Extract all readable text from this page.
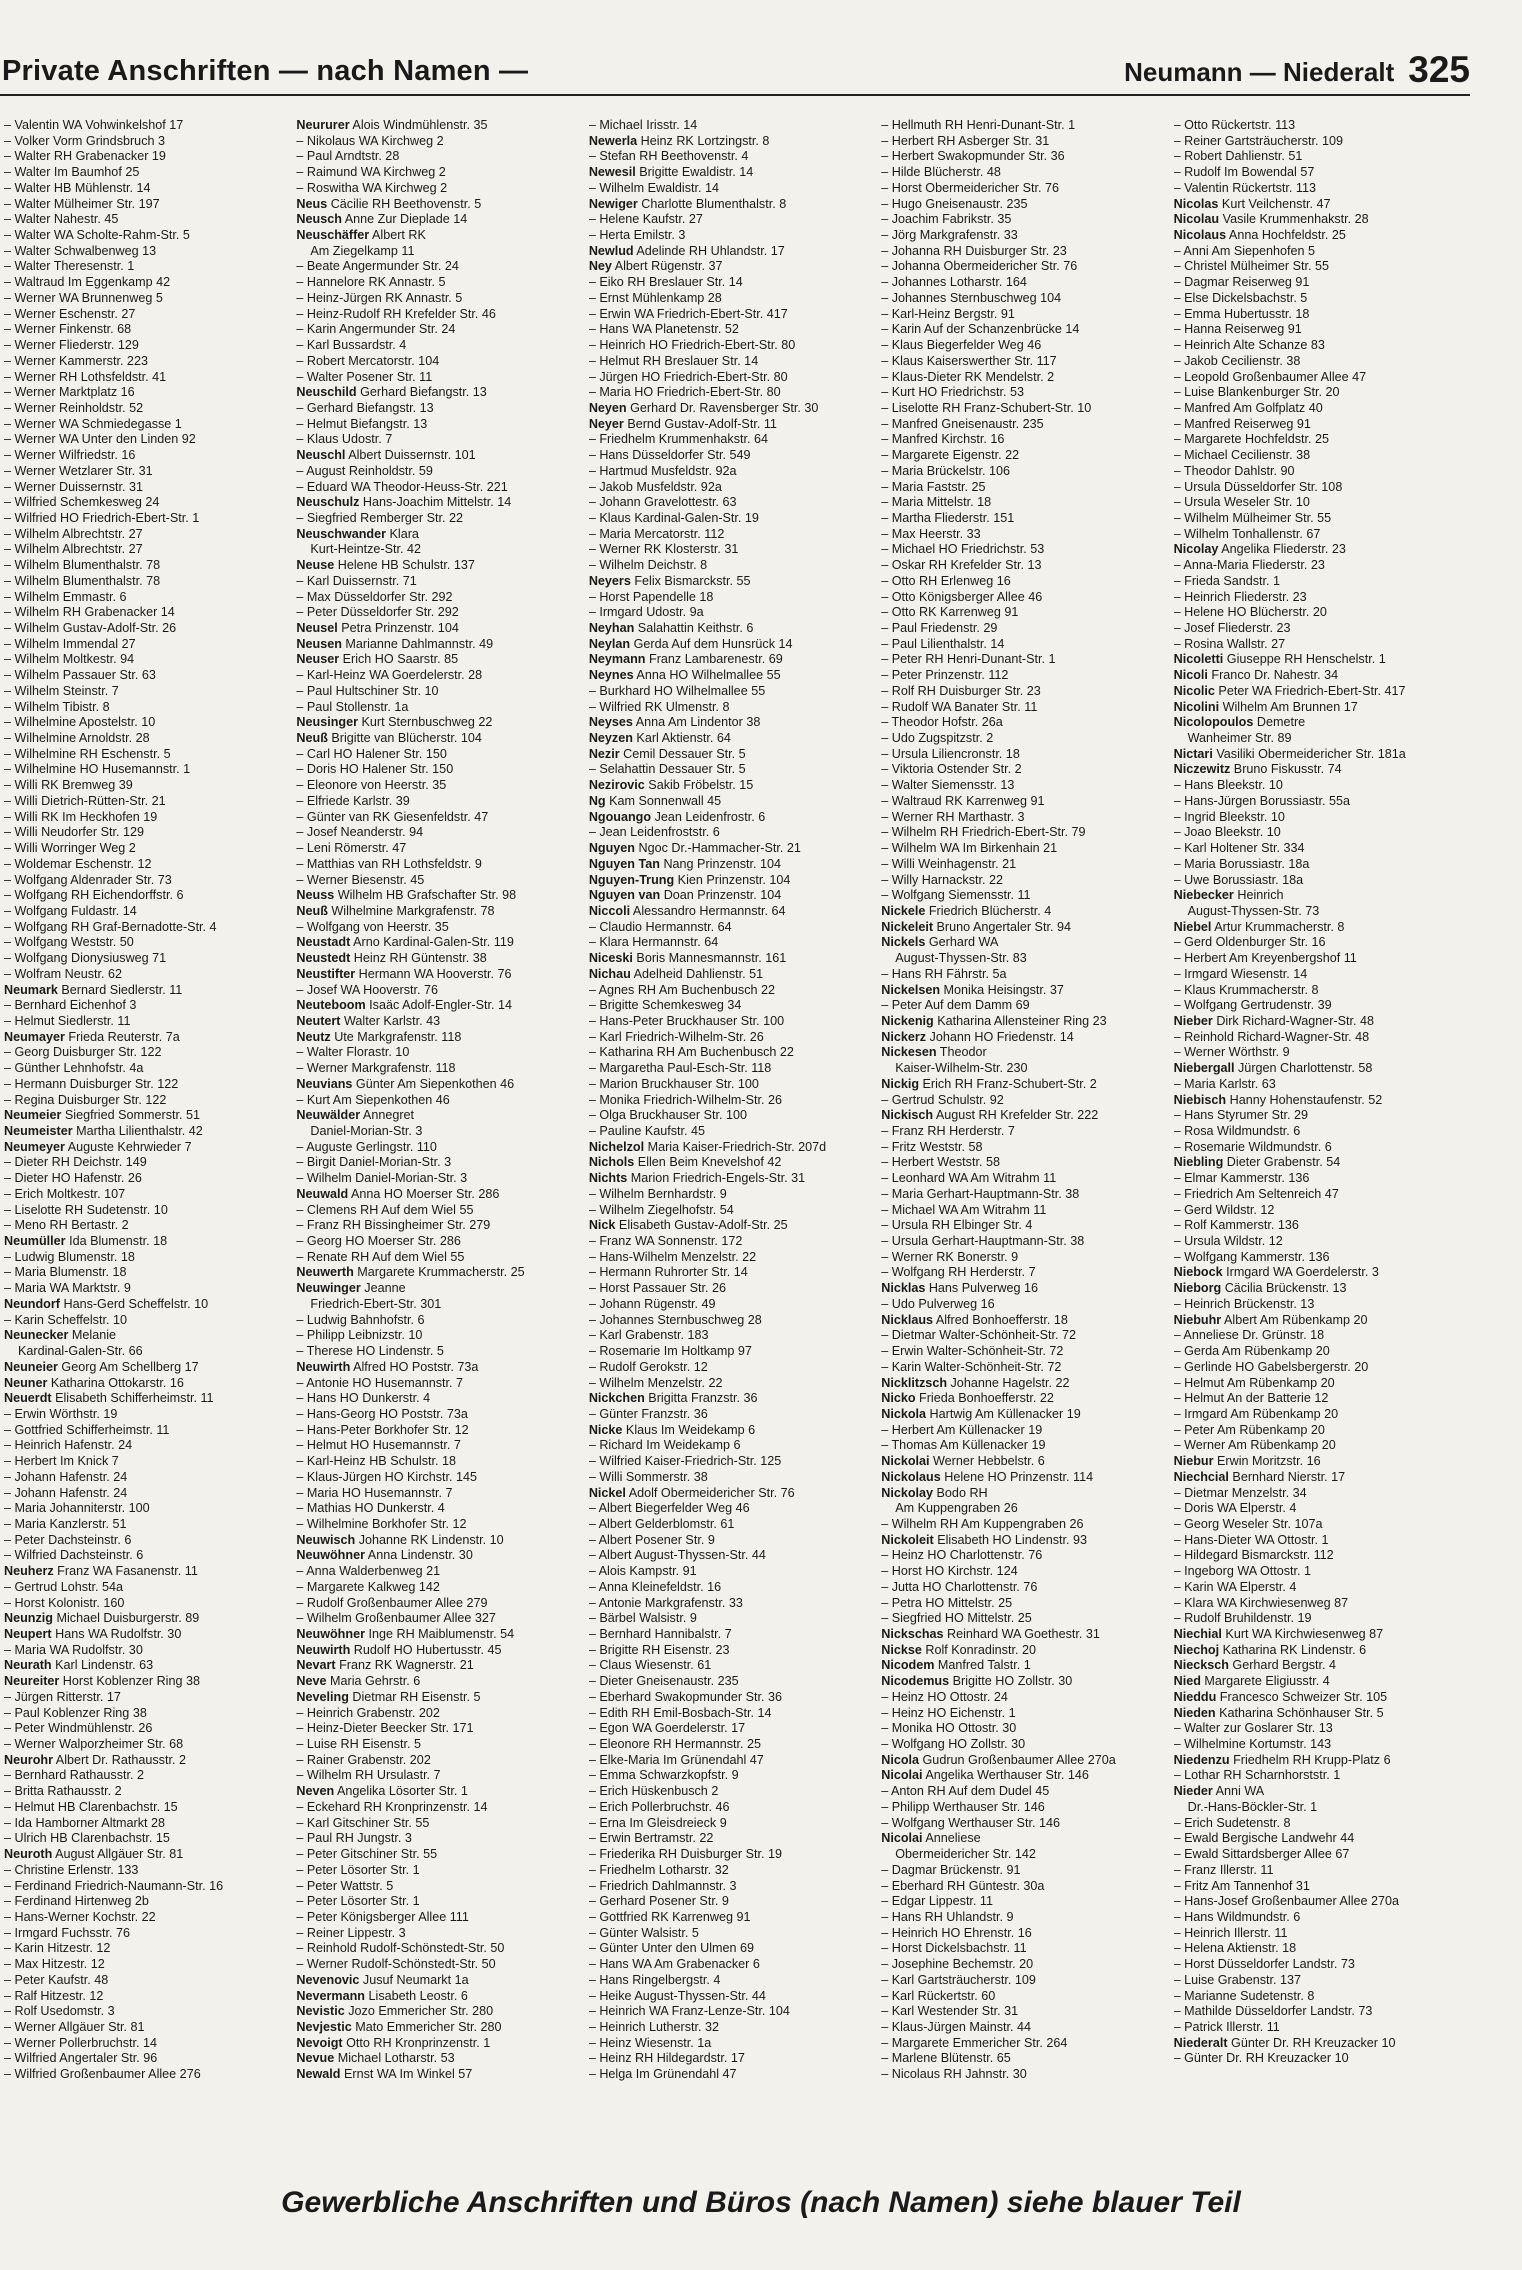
Private Anschriften — nach Namen —	Neumann — Niederalt 325
– Valentin WA Vohwinkelshof 17
– Volker Vorm Grindsbruch 3
– Walter RH Grabenacker 19
– Walter Im Baumhof 25
– Walter HB Mühlenstr. 14
– Walter Mülheimer Str. 197
– Walter Nahestr. 45
– Walter WA Scholte-Rahm-Str. 5
– Walter Schwalbenweg 13
– Walter Theresenstr. 1
– Waltraud Im Eggenkamp 42
– Werner WA Brunnenweg 5
– Werner Eschenstr. 27
– Werner Finkenstr. 68
– Werner Fliederstr. 129
– Werner Kammerstr. 223
– Werner RH Lothsfeldstr. 41
– Werner Marktplatz 16
– Werner Reinholdstr. 52
– Werner WA Schmiedegasse 1
– Werner WA Unter den Linden 92
– Werner Wilfriedstr. 16
– Werner Wetzlarer Str. 31
– Werner Duissernstr. 31
– Wilfried Schemkesweg 24
– Wilfried HO Friedrich-Ebert-Str. 1
– Wilhelm Albrechtstr. 27
– Wilhelm Albrechtstr. 27
– Wilhelm Blumenthalstr. 78
– Wilhelm Blumenthalstr. 78
– Wilhelm Emmastr. 6
– Wilhelm RH Grabenacker 14
– Wilhelm Gustav-Adolf-Str. 26
– Wilhelm Immendal 27
– Wilhelm Moltkestr. 94
– Wilhelm Passauer Str. 63
– Wilhelm Steinstr. 7
– Wilhelm Tibistr. 8
– Wilhelmine Apostelstr. 10
– Wilhelmine Arnoldstr. 28
– Wilhelmine RH Eschenstr. 5
– Wilhelmine HO Husemannstr. 1
– Willi RK Bremweg 39
– Willi Dietrich-Rütten-Str. 21
– Willi RK Im Heckhofen 19
– Willi Neudorfer Str. 129
– Willi Worringer Weg 2
– Woldemar Eschenstr. 12
– Wolfgang Aldenrader Str. 73
– Wolfgang RH Eichendorffstr. 6
– Wolfgang Fuldastr. 14
– Wolfgang RH Graf-Bernadotte-Str. 4
– Wolfgang Weststr. 50
– Wolfgang Dionysiusweg 71
– Wolfram Neustr. 62
Neumark Bernard Siedlerstr. 11
– Bernhard Eichenhof 3
– Helmut Siedlerstr. 11
Neumayer Frieda Reuterstr. 7a
– Georg Duisburger Str. 122
– Günther Lehnhofstr. 4a
– Hermann Duisburger Str. 122
– Regina Duisburger Str. 122
Neumeier Siegfried Sommerstr. 51
Neumeister Martha Lilienthalstr. 42
Neumeyer Auguste Kehrwieder 7
– Dieter RH Deichstr. 149
– Dieter HO Hafenstr. 26
– Erich Moltkestr. 107
– Liselotte RH Sudetenstr. 10
– Meno RH Bertastr. 2
Neumüller Ida Blumenstr. 18
– Ludwig Blumenstr. 18
– Maria Blumenstr. 18
– Maria WA Marktstr. 9
Neundorf Hans-Gerd Scheffelstr. 10
– Karin Scheffelstr. 10
Neunecker Melanie
Kardinal-Galen-Str. 66
Neuneier Georg Am Schellberg 17
Neuner Katharina Ottokarstr. 16
Neuerdt Elisabeth Schifferheimstr. 11
– Erwin Wörthstr. 19
– Gottfried Schifferheimstr. 11
– Heinrich Hafenstr. 24
– Herbert Im Knick 7
– Johann Hafenstr. 24
– Johann Hafenstr. 24
– Maria Johanniterstr. 100
– Maria Kanzlerstr. 51
– Peter Dachsteinstr. 6
– Wilfried Dachsteinstr. 6
Neuherz Franz WA Fasanenstr. 11
– Gertrud Lohstr. 54a
– Horst Kolonistr. 160
Neunzig Michael Duisburgerstr. 89
Neupert Hans WA Rudolfstr. 30
– Maria WA Rudolfstr. 30
Neurath Karl Lindenstr. 63
Neureiter Horst Koblenzer Ring 38
– Jürgen Ritterstr. 17
– Paul Koblenzer Ring 38
– Peter Windmühlenstr. 26
– Werner Walporzheimer Str. 68
Neurohr Albert Dr. Rathausstr. 2
– Bernhard Rathausstr. 2
– Britta Rathausstr. 2
– Helmut HB Clarenbachstr. 15
– Ida Hamborner Altmarkt 28
– Ulrich HB Clarenbachstr. 15
Neuroth August Allgäuer Str. 81
– Christine Erlenstr. 133
– Ferdinand Friedrich-Naumann-Str. 16
– Ferdinand Hirtenweg 2b
– Hans-Werner Kochstr. 22
– Irmgard Fuchsstr. 76
– Karin Hitzestr. 12
– Max Hitzestr. 12
– Peter Kaufstr. 48
– Ralf Hitzestr. 12
– Rolf Usedomstr. 3
– Werner Allgäuer Str. 81
– Werner Pollerbruchstr. 14
– Wilfried Angertaler Str. 96
– Wilfried Großenbaumer Allee 276
Neururer Alois Windmühlenstr. 35
– Nikolaus WA Kirchweg 2
– Paul Arndtstr. 28
– Raimund WA Kirchweg 2
– Roswitha WA Kirchweg 2
Neus Cäcilie RH Beethovenstr. 5
Neusch Anne Zur Dieplade 14
Neuschäffer Albert RK
Am Ziegelkamp 11
– Beate Angermunder Str. 24
– Hannelore RK Annastr. 5
– Heinz-Jürgen RK Annastr. 5
– Heinz-Rudolf RH Krefelder Str. 46
– Karin Angermunder Str. 24
– Karl Bussardstr. 4
– Robert Mercatorstr. 104
– Walter Posener Str. 11
Neuschild Gerhard Biefangstr. 13
– Gerhard Biefangstr. 13
– Helmut Biefangstr. 13
– Klaus Udostr. 7
Neuschl Albert Duissernstr. 101
– August Reinholdstr. 59
– Eduard WA Theodor-Heuss-Str. 221
Neuschulz Hans-Joachim Mittelstr. 14
– Siegfried Remberger Str. 22
Neuschwander Klara
Kurt-Heintze-Str. 42
Neuse Helene HB Schulstr. 137
– Karl Duissernstr. 71
– Max Düsseldorfer Str. 292
– Peter Düsseldorfer Str. 292
Neusel Petra Prinzenstr. 104
Neusen Marianne Dahlmannstr. 49
Neuser Erich HO Saarstr. 85
– Karl-Heinz WA Goerdelerstr. 28
– Paul Hultschiner Str. 10
– Paul Stollenstr. 1a
Neusinger Kurt Sternbuschweg 22
Neuß Brigitte van Blücherstr. 104
– Carl HO Halener Str. 150
– Doris HO Halener Str. 150
– Eleonore von Heerstr. 35
– Elfriede Karlstr. 39
– Günter van RK Giesenfeldstr. 47
– Josef Neanderstr. 94
– Leni Römerstr. 47
– Matthias van RH Lothsfeldstr. 9
– Werner Biesenstr. 45
Neuss Wilhelm HB Grafschafter Str. 98
Neuß Wilhelmine Markgrafenstr. 78
– Wolfgang von Heerstr. 35
Neustadt Arno Kardinal-Galen-Str. 119
Neustedt Heinz RH Güntenstr. 38
Neustifter Hermann WA Hooverstr. 76
– Josef WA Hooverstr. 76
Neuteboom Isaäc Adolf-Engler-Str. 14
Neutert Walter Karlstr. 43
Neutz Ute Markgrafenstr. 118
– Walter Florastr. 10
– Werner Markgrafenstr. 118
Neuvians Günter Am Siepenkothen 46
– Kurt Am Siepenkothen 46
Neuwälder Annegret
Daniel-Morian-Str. 3
– Auguste Gerlingstr. 110
– Birgit Daniel-Morian-Str. 3
– Wilhelm Daniel-Morian-Str. 3
Neuwald Anna HO Moerser Str. 286
– Clemens RH Auf dem Wiel 55
– Franz RH Bissingheimer Str. 279
– Georg HO Moerser Str. 286
– Renate RH Auf dem Wiel 55
Neuwerth Margarete Krummacherstr. 25
Neuwinger Jeanne
Friedrich-Ebert-Str. 301
– Ludwig Bahnhofstr. 6
– Philipp Leibnizstr. 10
– Therese HO Lindenstr. 5
Neuwirth Alfred HO Poststr. 73a
– Antonie HO Husemannstr. 7
– Hans HO Dunkerstr. 4
– Hans-Georg HO Poststr. 73a
– Hans-Peter Borkhofer Str. 12
– Helmut HO Husemannstr. 7
– Karl-Heinz HB Schulstr. 18
– Klaus-Jürgen HO Kirchstr. 145
– Maria HO Husemannstr. 7
– Mathias HO Dunkerstr. 4
– Wilhelmine Borkhofer Str. 12
Neuwisch Johanne RK Lindenstr. 10
Neuwöhner Anna Lindenstr. 30
– Anna Walderbenweg 21
– Margarete Kalkweg 142
– Rudolf Großenbaumer Allee 279
– Wilhelm Großenbaumer Allee 327
Neuwöhner Inge RH Maiblumenstr. 54
Neuwirth Rudolf HO Hubertusstr. 45
Nevart Franz RK Wagnerstr. 21
Neve Maria Gehrstr. 6
Neveling Dietmar RH Eisenstr. 5
– Heinrich Grabenstr. 202
– Heinz-Dieter Beecker Str. 171
– Luise RH Eisenstr. 5
– Rainer Grabenstr. 202
– Wilhelm RH Ursulastr. 7
Neven Angelika Lösorter Str. 1
– Eckehard RH Kronprinzenstr. 14
– Karl Gitschiner Str. 55
– Paul RH Jungstr. 3
– Peter Gitschiner Str. 55
– Peter Lösorter Str. 1
– Peter Wattstr. 5
– Peter Lösorter Str. 1
– Peter Königsberger Allee 111
– Reiner Lippestr. 3
– Reinhold Rudolf-Schönstedt-Str. 50
– Werner Rudolf-Schönstedt-Str. 50
Nevenovic Jusuf Neumarkt 1a
Nevermann Lisabeth Leostr. 6
Nevistic Jozo Emmericher Str. 280
Nevjestic Mato Emmericher Str. 280
Nevoigt Otto RH Kronprinzenstr. 1
Nevue Michael Lotharstr. 53
Newald Ernst WA Im Winkel 57
– Michael Irisstr. 14
Newerla Heinz RK Lortzingstr. 8
– Stefan RH Beethovenstr. 4
Newesil Brigitte Ewaldistr. 14
– Wilhelm Ewaldistr. 14
Newiger Charlotte Blumenthalstr. 8
– Helene Kaufstr. 27
– Herta Emilstr. 3
Newlud Adelinde RH Uhlandstr. 17
Ney Albert Rügenstr. 37
– Eiko RH Breslauer Str. 14
– Ernst Mühlenkamp 28
– Erwin WA Friedrich-Ebert-Str. 417
– Hans WA Planetenstr. 52
– Heinrich HO Friedrich-Ebert-Str. 80
– Helmut RH Breslauer Str. 14
– Jürgen HO Friedrich-Ebert-Str. 80
– Maria HO Friedrich-Ebert-Str. 80
Neyen Gerhard Dr. Ravensberger Str. 30
Neyer Bernd Gustav-Adolf-Str. 11
– Friedhelm Krummenhakstr. 64
– Hans Düsseldorfer Str. 549
– Hartmud Musfeldstr. 92a
– Jakob Musfeldstr. 92a
– Johann Gravelottestr. 63
– Klaus Kardinal-Galen-Str. 19
– Maria Mercatorstr. 112
– Werner RK Klosterstr. 31
– Wilhelm Deichstr. 8
Neyers Felix Bismarckstr. 55
– Horst Papendelle 18
– Irmgard Udostr. 9a
Neyhan Salahattin Keithstr. 6
Neylan Gerda Auf dem Hunsrück 14
Neymann Franz Lambarenestr. 69
Neynes Anna HO Wilhelmallee 55
– Burkhard HO Wilhelmallee 55
– Wilfried RK Ulmenstr. 8
Neyses Anna Am Lindentor 38
Neyzen Karl Aktienstr. 64
Nezir Cemil Dessauer Str. 5
– Selahattin Dessauer Str. 5
Nezirovic Sakib Fröbelstr. 15
Ng Kam Sonnenwall 45
Ngouango Jean Leidenfrostr. 6
– Jean Leidenfroststr. 6
Nguyen Ngoc Dr.-Hammacher-Str. 21
Nguyen Tan Nang Prinzenstr. 104
Nguyen-Trung Kien Prinzenstr. 104
Nguyen van Doan Prinzenstr. 104
Niccoli Alessandro Hermannstr. 64
– Claudio Hermannstr. 64
– Klara Hermannstr. 64
Niceski Boris Mannesmannstr. 161
Nichau Adelheid Dahlienstr. 51
– Agnes RH Am Buchenbusch 22
– Brigitte Schemkesweg 34
– Hans-Peter Bruckhauser Str. 100
– Karl Friedrich-Wilhelm-Str. 26
– Katharina RH Am Buchenbusch 22
– Margaretha Paul-Esch-Str. 118
– Marion Bruckhauser Str. 100
– Monika Friedrich-Wilhelm-Str. 26
– Olga Bruckhauser Str. 100
– Pauline Kaufstr. 45
Nichelzol Maria Kaiser-Friedrich-Str. 207d
Nichols Ellen Beim Knevelshof 42
Nichts Marion Friedrich-Engels-Str. 31
– Wilhelm Bernhardstr. 9
– Wilhelm Ziegelhofstr. 54
Nick Elisabeth Gustav-Adolf-Str. 25
– Franz WA Sonnenstr. 172
– Hans-Wilhelm Menzelstr. 22
– Hermann Ruhrorter Str. 14
– Horst Passauer Str. 26
– Johann Rügenstr. 49
– Johannes Sternbuschweg 28
– Karl Grabenstr. 183
– Rosemarie Im Holtkamp 97
– Rudolf Gerokstr. 12
– Wilhelm Menzelstr. 22
Nickchen Brigitta Franzstr. 36
– Günter Franzstr. 36
Nicke Klaus Im Weidekamp 6
– Richard Im Weidekamp 6
– Wilfried Kaiser-Friedrich-Str. 125
– Willi Sommerstr. 38
Nickel Adolf Obermeidericher Str. 76
– Albert Biegerfelder Weg 46
– Albert Gelderblomstr. 61
– Albert Posener Str. 9
– Albert August-Thyssen-Str. 44
– Alois Kampstr. 91
– Anna Kleinefeldstr. 16
– Antonie Markgrafenstr. 33
– Bärbel Walsistr. 9
– Bernhard Hannibalstr. 7
– Brigitte RH Eisenstr. 23
– Claus Wiesenstr. 61
– Dieter Gneisenaustr. 235
– Eberhard Swakopmunder Str. 36
– Edith RH Emil-Bosbach-Str. 14
– Egon WA Goerdelerstr. 17
– Eleonore RH Hermannstr. 25
– Elke-Maria Im Grünendahl 47
– Emma Schwarzkopfstr. 9
– Erich Hüskenbusch 2
– Erich Pollerbruchstr. 46
– Erna Im Gleisdreieck 9
– Erwin Bertramstr. 22
– Friederika RH Duisburger Str. 19
– Friedhelm Lotharstr. 32
– Friedrich Dahlmannstr. 3
– Gerhard Posener Str. 9
– Gottfried RK Karrenweg 91
– Günter Walsistr. 5
– Günter Unter den Ulmen 69
– Hans WA Am Grabenacker 6
– Hans Ringelbergstr. 4
– Heike August-Thyssen-Str. 44
– Heinrich WA Franz-Lenze-Str. 104
– Heinrich Lutherstr. 32
– Heinz Wiesenstr. 1a
– Heinz RH Hildegardstr. 17
– Helga Im Grünendahl 47
– Hellmuth RH Henri-Dunant-Str. 1
– Herbert RH Asberger Str. 31
– Herbert Swakopmunder Str. 36
– Hilde Blücherstr. 48
– Horst Obermeidericher Str. 76
– Hugo Gneisenaustr. 235
– Joachim Fabrikstr. 35
– Jörg Markgrafenstr. 33
– Johanna RH Duisburger Str. 23
– Johanna Obermeidericher Str. 76
– Johannes Lotharstr. 164
– Johannes Sternbuschweg 104
– Karl-Heinz Bergstr. 91
– Karin Auf der Schanzenbrücke 14
– Klaus Biegerfelder Weg 46
– Klaus Kaiserswerther Str. 117
– Klaus-Dieter RK Mendelstr. 2
– Kurt HO Friedrichstr. 53
– Liselotte RH Franz-Schubert-Str. 10
– Manfred Gneisenaustr. 235
– Manfred Kirchstr. 16
– Margarete Eigenstr. 22
– Maria Brückelstr. 106
– Maria Faststr. 25
– Maria Mittelstr. 18
– Martha Fliederstr. 151
– Max Heerstr. 33
– Michael HO Friedrichstr. 53
– Oskar RH Krefelder Str. 13
– Otto RH Erlenweg 16
– Otto Königsberger Allee 46
– Otto RK Karrenweg 91
– Paul Friedenstr. 29
– Paul Lilienthalstr. 14
– Peter RH Henri-Dunant-Str. 1
– Peter Prinzenstr. 112
– Rolf RH Duisburger Str. 23
– Rudolf WA Banater Str. 11
– Theodor Hofstr. 26a
– Udo Zugspitzstr. 2
– Ursula Liliencronstr. 18
– Viktoria Ostender Str. 2
– Walter Siemensstr. 13
– Waltraud RK Karrenweg 91
– Werner RH Marthastr. 3
– Wilhelm RH Friedrich-Ebert-Str. 79
– Wilhelm WA Im Birkenhain 21
– Willi Weinhagenstr. 21
– Willy Harnackstr. 22
– Wolfgang Siemensstr. 11
Nickele Friedrich Blücherstr. 4
Nickeleit Bruno Angertaler Str. 94
Nickels Gerhard WA
August-Thyssen-Str. 83
– Hans RH Fährstr. 5a
Nickelsen Monika Heisingstr. 37
– Peter Auf dem Damm 69
Nickenig Katharina Allensteiner Ring 23
Nickerz Johann HO Friedenstr. 14
Nickesen Theodor
Kaiser-Wilhelm-Str. 230
Nickig Erich RH Franz-Schubert-Str. 2
– Gertrud Schulstr. 92
Nickisch August RH Krefelder Str. 222
– Franz RH Herderstr. 7
– Fritz Weststr. 58
– Herbert Weststr. 58
– Leonhard WA Am Witrahm 11
– Maria Gerhart-Hauptmann-Str. 38
– Michael WA Am Witrahm 11
– Ursula RH Elbinger Str. 4
– Ursula Gerhart-Hauptmann-Str. 38
– Werner RK Bonerstr. 9
– Wolfgang RH Herderstr. 7
Nicklas Hans Pulverweg 16
– Udo Pulverweg 16
Nicklaus Alfred Bonhoefferstr. 18
– Dietmar Walter-Schönheit-Str. 72
– Erwin Walter-Schönheit-Str. 72
– Karin Walter-Schönheit-Str. 72
Nicklitzsch Johanne Hagelstr. 22
Nicko Frieda Bonhoefferstr. 22
Nickola Hartwig Am Küllenacker 19
– Herbert Am Küllenacker 19
– Thomas Am Küllenacker 19
Nickolai Werner Hebbelstr. 6
Nickolaus Helene HO Prinzenstr. 114
Nickolay Bodo RH
Am Kuppengraben 26
– Wilhelm RH Am Kuppengraben 26
Nickoleit Elisabeth HO Lindenstr. 93
– Heinz HO Charlottenstr. 76
– Horst HO Kirchstr. 124
– Jutta HO Charlottenstr. 76
– Petra HO Mittelstr. 25
– Siegfried HO Mittelstr. 25
Nickschas Reinhard WA Goethestr. 31
Nickse Rolf Konradinstr. 20
Nicodem Manfred Talstr. 1
Nicodemus Brigitte HO Zollstr. 30
– Heinz HO Ottostr. 24
– Heinz HO Eichenstr. 1
– Monika HO Ottostr. 30
– Wolfgang HO Zollstr. 30
Nicola Gudrun Großenbaumer Allee 270a
Nicolai Angelika Werthauser Str. 146
– Anton RH Auf dem Dudel 45
– Philipp Werthauser Str. 146
– Wolfgang Werthauser Str. 146
Nicolai Anneliese
Obermeidericher Str. 142
– Dagmar Brückenstr. 91
– Eberhard RH Güntestr. 30a
– Edgar Lippestr. 11
– Hans RH Uhlandstr. 9
– Heinrich HO Ehrenstr. 16
– Horst Dickelsbachstr. 11
– Josephine Bechemstr. 20
– Karl Gartsträucherstr. 109
– Karl Rückertstr. 60
– Karl Westender Str. 31
– Klaus-Jürgen Mainstr. 44
– Margarete Emmericher Str. 264
– Marlene Blütenstr. 65
– Nicolaus RH Jahnstr. 30
– Otto Rückertstr. 113
– Reiner Gartsträucherstr. 109
– Robert Dahlienstr. 51
– Rudolf Im Bowendal 57
– Valentin Rückertstr. 113
Nicolas Kurt Veilchenstr. 47
Nicolau Vasile Krummenhakstr. 28
Nicolaus Anna Hochfeldstr. 25
– Anni Am Siepenhofen 5
– Christel Mülheimer Str. 55
– Dagmar Reiserweg 91
– Else Dickelsbachstr. 5
– Emma Hubertusstr. 18
– Hanna Reiserweg 91
– Heinrich Alte Schanze 83
– Jakob Cecilienstr. 38
– Leopold Großenbaumer Allee 47
– Luise Blankenburger Str. 20
– Manfred Am Golfplatz 40
– Manfred Reiserweg 91
– Margarete Hochfeldstr. 25
– Michael Cecilienstr. 38
– Theodor Dahlstr. 90
– Ursula Düsseldorfer Str. 108
– Ursula Weseler Str. 10
– Wilhelm Mülheimer Str. 55
– Wilhelm Tonhallenstr. 67
Nicolay Angelika Fliederstr. 23
– Anna-Maria Fliederstr. 23
– Frieda Sandstr. 1
– Heinrich Fliederstr. 23
– Helene HO Blücherstr. 20
– Josef Fliederstr. 23
– Rosina Wallstr. 27
Nicoletti Giuseppe RH Henschelstr. 1
Nicoli Franco Dr. Nahestr. 34
Nicolic Peter WA Friedrich-Ebert-Str. 417
Nicolini Wilhelm Am Brunnen 17
Nicolopoulos Demetre
Wanheimer Str. 89
Nictari Vasiliki Obermeidericher Str. 181a
Niczewitz Bruno Fiskusstr. 74
– Hans Bleekstr. 10
– Hans-Jürgen Borussiastr. 55a
– Ingrid Bleekstr. 10
– Joao Bleekstr. 10
– Karl Holtener Str. 334
– Maria Borussiastr. 18a
– Uwe Borussiastr. 18a
Niebecker Heinrich
August-Thyssen-Str. 73
Niebel Artur Krummacherstr. 8
– Gerd Oldenburger Str. 16
– Herbert Am Kreyenbergshof 11
– Irmgard Wiesenstr. 14
– Klaus Krummacherstr. 8
– Wolfgang Gertrudenstr. 39
Nieber Dirk Richard-Wagner-Str. 48
– Reinhold Richard-Wagner-Str. 48
– Werner Wörthstr. 9
Niebergall Jürgen Charlottenstr. 58
– Maria Karlstr. 63
Niebisch Hanny Hohenstaufenstr. 52
– Hans Styrumer Str. 29
– Rosa Wildmundstr. 6
– Rosemarie Wildmundstr. 6
Niebling Dieter Grabenstr. 54
– Elmar Kammerstr. 136
– Friedrich Am Seltenreich 47
– Gerd Wildstr. 12
– Rolf Kammerstr. 136
– Ursula Wildstr. 12
– Wolfgang Kammerstr. 136
Niebock Irmgard WA Goerdelerstr. 3
Nieborg Cäcilia Brückenstr. 13
– Heinrich Brückenstr. 13
Niebuhr Albert Am Rübenkamp 20
– Anneliese Dr. Grünstr. 18
– Gerda Am Rübenkamp 20
– Gerlinde HO Gabelsbergerstr. 20
– Helmut Am Rübenkamp 20
– Helmut An der Batterie 12
– Irmgard Am Rübenkamp 20
– Peter Am Rübenkamp 20
– Werner Am Rübenkamp 20
Niebur Erwin Moritzstr. 16
Niechcial Bernhard Nierstr. 17
– Dietmar Menzelstr. 34
– Doris WA Elperstr. 4
– Georg Weseler Str. 107a
– Hans-Dieter WA Ottostr. 1
– Hildegard Bismarckstr. 112
– Ingeborg WA Ottostr. 1
– Karin WA Elperstr. 4
– Klara WA Kirchwiesenweg 87
– Rudolf Bruhildenstr. 19
Niechial Kurt WA Kirchwiesenweg 87
Niechoj Katharina RK Lindenstr. 6
Niecksch Gerhard Bergstr. 4
Nied Margarete Eligiusstr. 4
Nieddu Francesco Schweizer Str. 105
Nieden Katharina Schönhauser Str. 5
– Walter zur Goslarer Str. 13
– Wilhelmine Kortumstr. 143
Niedenzu Friedhelm RH Krupp-Platz 6
– Lothar RH Scharnhorststr. 1
Nieder Anni WA
Dr.-Hans-Böckler-Str. 1
– Erich Sudetenstr. 8
– Ewald Bergische Landwehr 44
– Ewald Sittardsberger Allee 67
– Franz Illerstr. 11
– Fritz Am Tannenhof 31
– Hans-Josef Großenbaumer Allee 270a
– Hans Wildmundstr. 6
– Heinrich Illerstr. 11
– Helena Aktienstr. 18
– Horst Düsseldorfer Landstr. 73
– Luise Grabenstr. 137
– Marianne Sudetenstr. 8
– Mathilde Düsseldorfer Landstr. 73
– Patrick Illerstr. 11
Niederalt Günter Dr. RH Kreuzacker 10
– Günter Dr. RH Kreuzacker 10
Gewerbliche Anschriften und Büros (nach Namen) siehe blauer Teil
